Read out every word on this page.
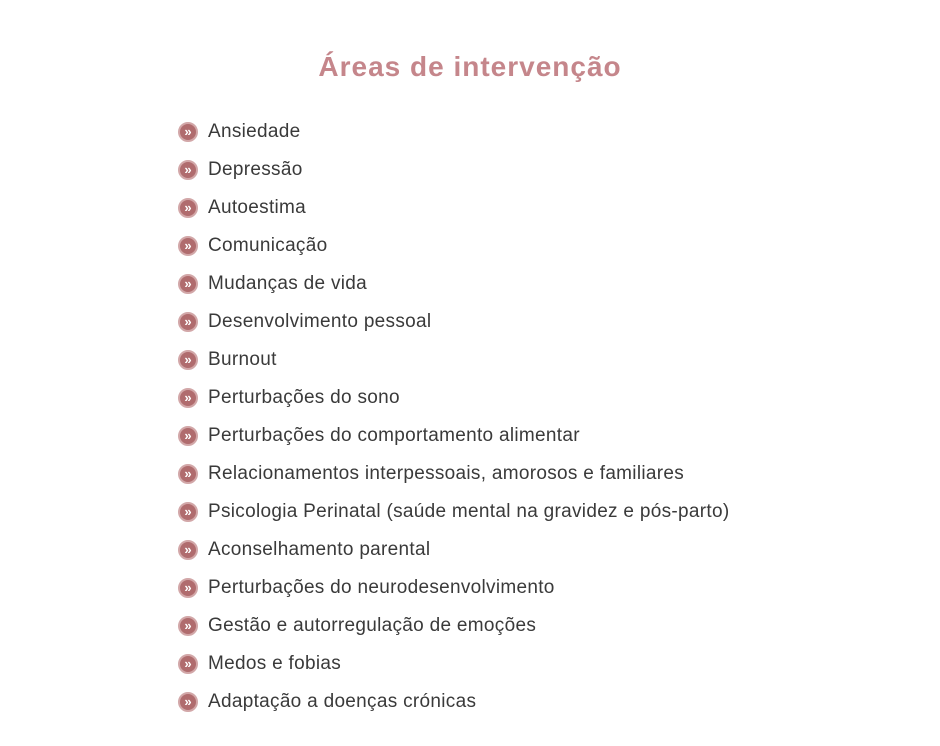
Áreas de intervenção
» Ansiedade
» Depressão
» Autoestima
» Comunicação
» Mudanças de vida
» Desenvolvimento pessoal
» Burnout
» Perturbações do sono
» Perturbações do comportamento alimentar
» Relacionamentos interpessoais, amorosos e familiares
» Psicologia Perinatal (saúde mental na gravidez e pós-parto)
» Aconselhamento parental
» Perturbações do neurodesenvolvimento
» Gestão e autorregulação de emoções
» Medos e fobias
» Adaptação a doenças crónicas
